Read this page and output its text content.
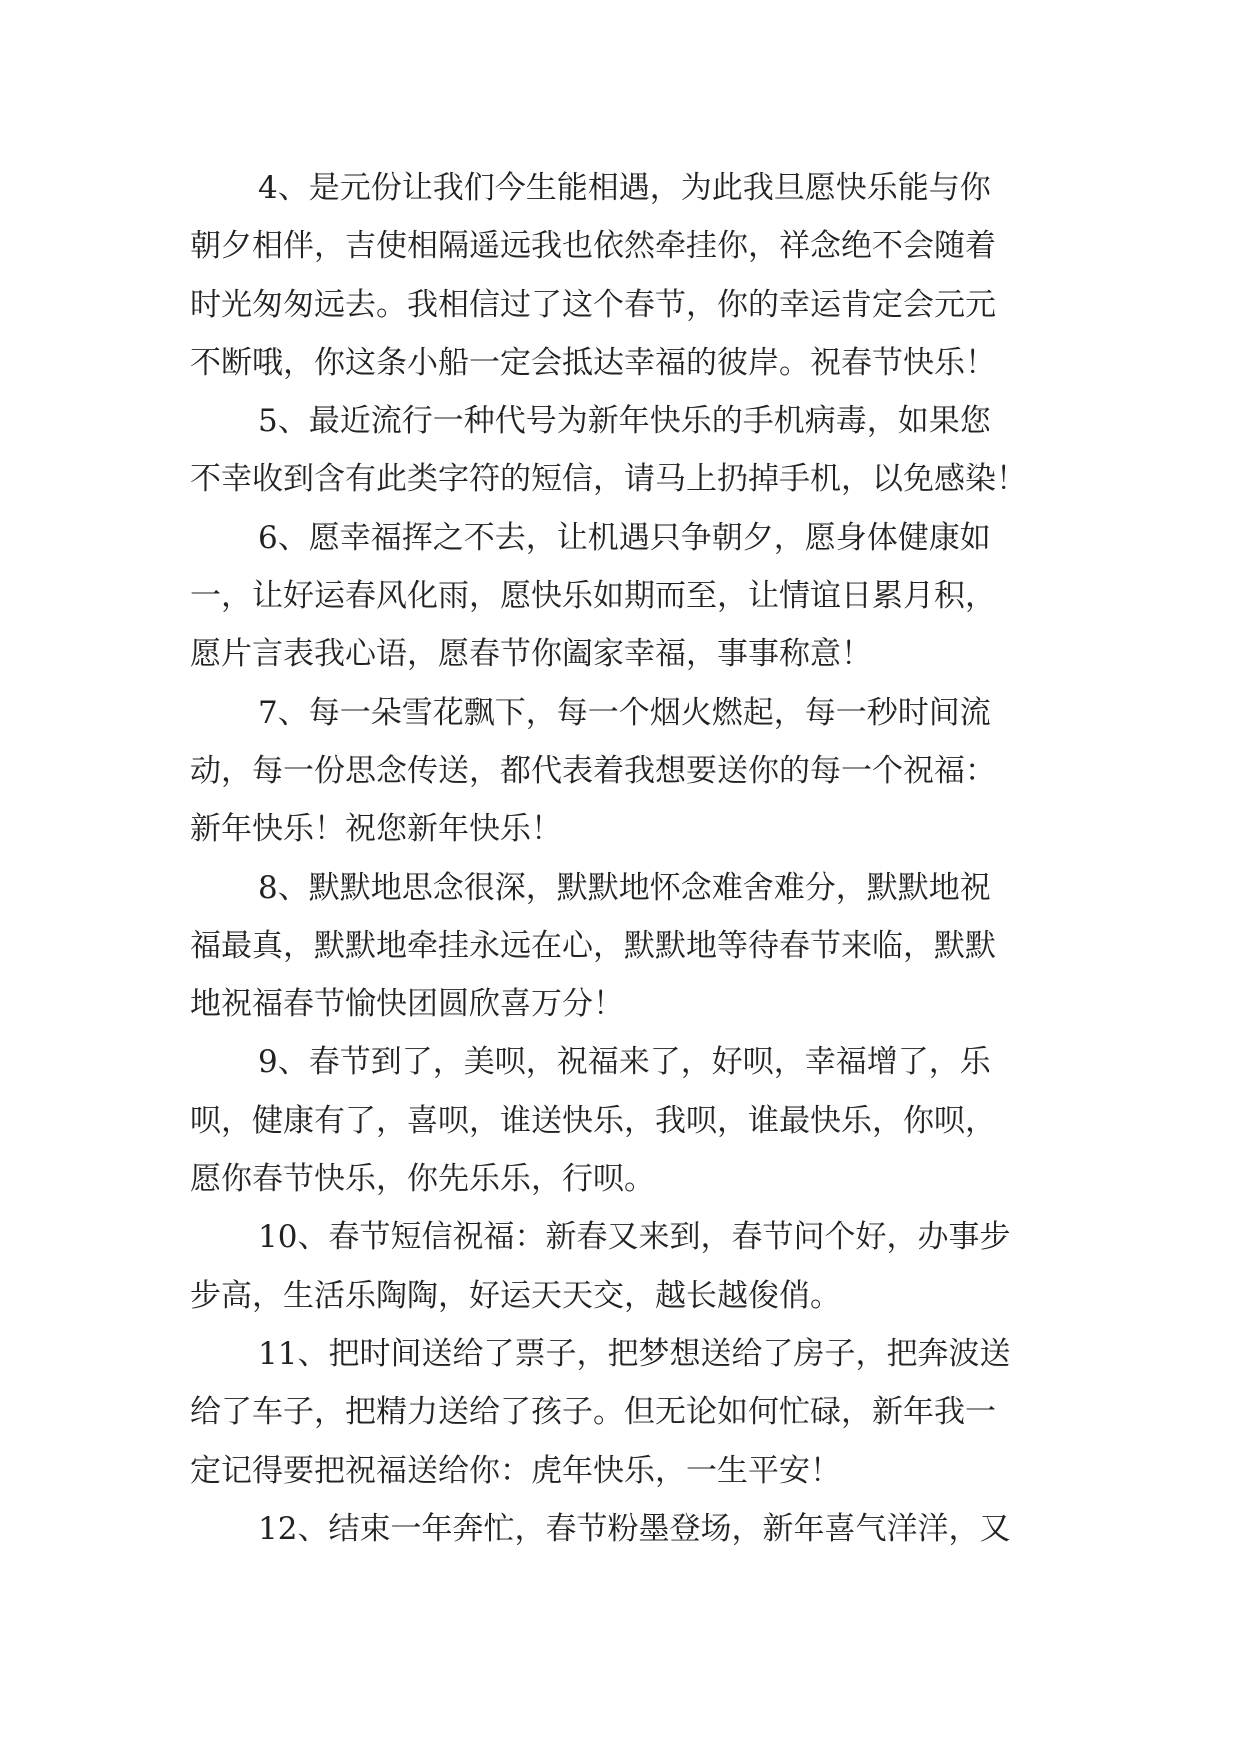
4、是元份让我们今生能相遇，为此我旦愿快乐能与你
朝夕相伴，吉使相隔遥远我也依然牵挂你，祥念绝不会随着
时光匆匆远去。我相信过了这个春节，你的幸运肯定会元元
不断哦，你这条小船一定会抵达幸福的彼岸。祝春节快乐！
5、最近流行一种代号为新年快乐的手机病毒，如果您
不幸收到含有此类字符的短信，请马上扔掉手机，以免感染！
6、愿幸福挥之不去，让机遇只争朝夕，愿身体健康如
一，让好运春风化雨，愿快乐如期而至，让情谊日累月积，
愿片言表我心语，愿春节你阖家幸福，事事称意！
7、每一朵雪花飘下，每一个烟火燃起，每一秒时间流
动，每一份思念传送，都代表着我想要送你的每一个祝福：
新年快乐！祝您新年快乐！
8、默默地思念很深，默默地怀念难舍难分，默默地祝
福最真，默默地牵挂永远在心，默默地等待春节来临，默默
地祝福春节愉快团圆欣喜万分！
9、春节到了，美呗，祝福来了，好呗，幸福增了，乐
呗，健康有了，喜呗，谁送快乐，我呗，谁最快乐，你呗，
愿你春节快乐，你先乐乐，行呗。
10、春节短信祝福：新春又来到，春节问个好，办事步
步高，生活乐陶陶，好运天天交，越长越俊俏。
11、把时间送给了票子，把梦想送给了房子，把奔波送
给了车子，把精力送给了孩子。但无论如何忙碌，新年我一
定记得要把祝福送给你：虎年快乐，一生平安！
12、结束一年奔忙，春节粉墨登场，新年喜气洋洋，又
